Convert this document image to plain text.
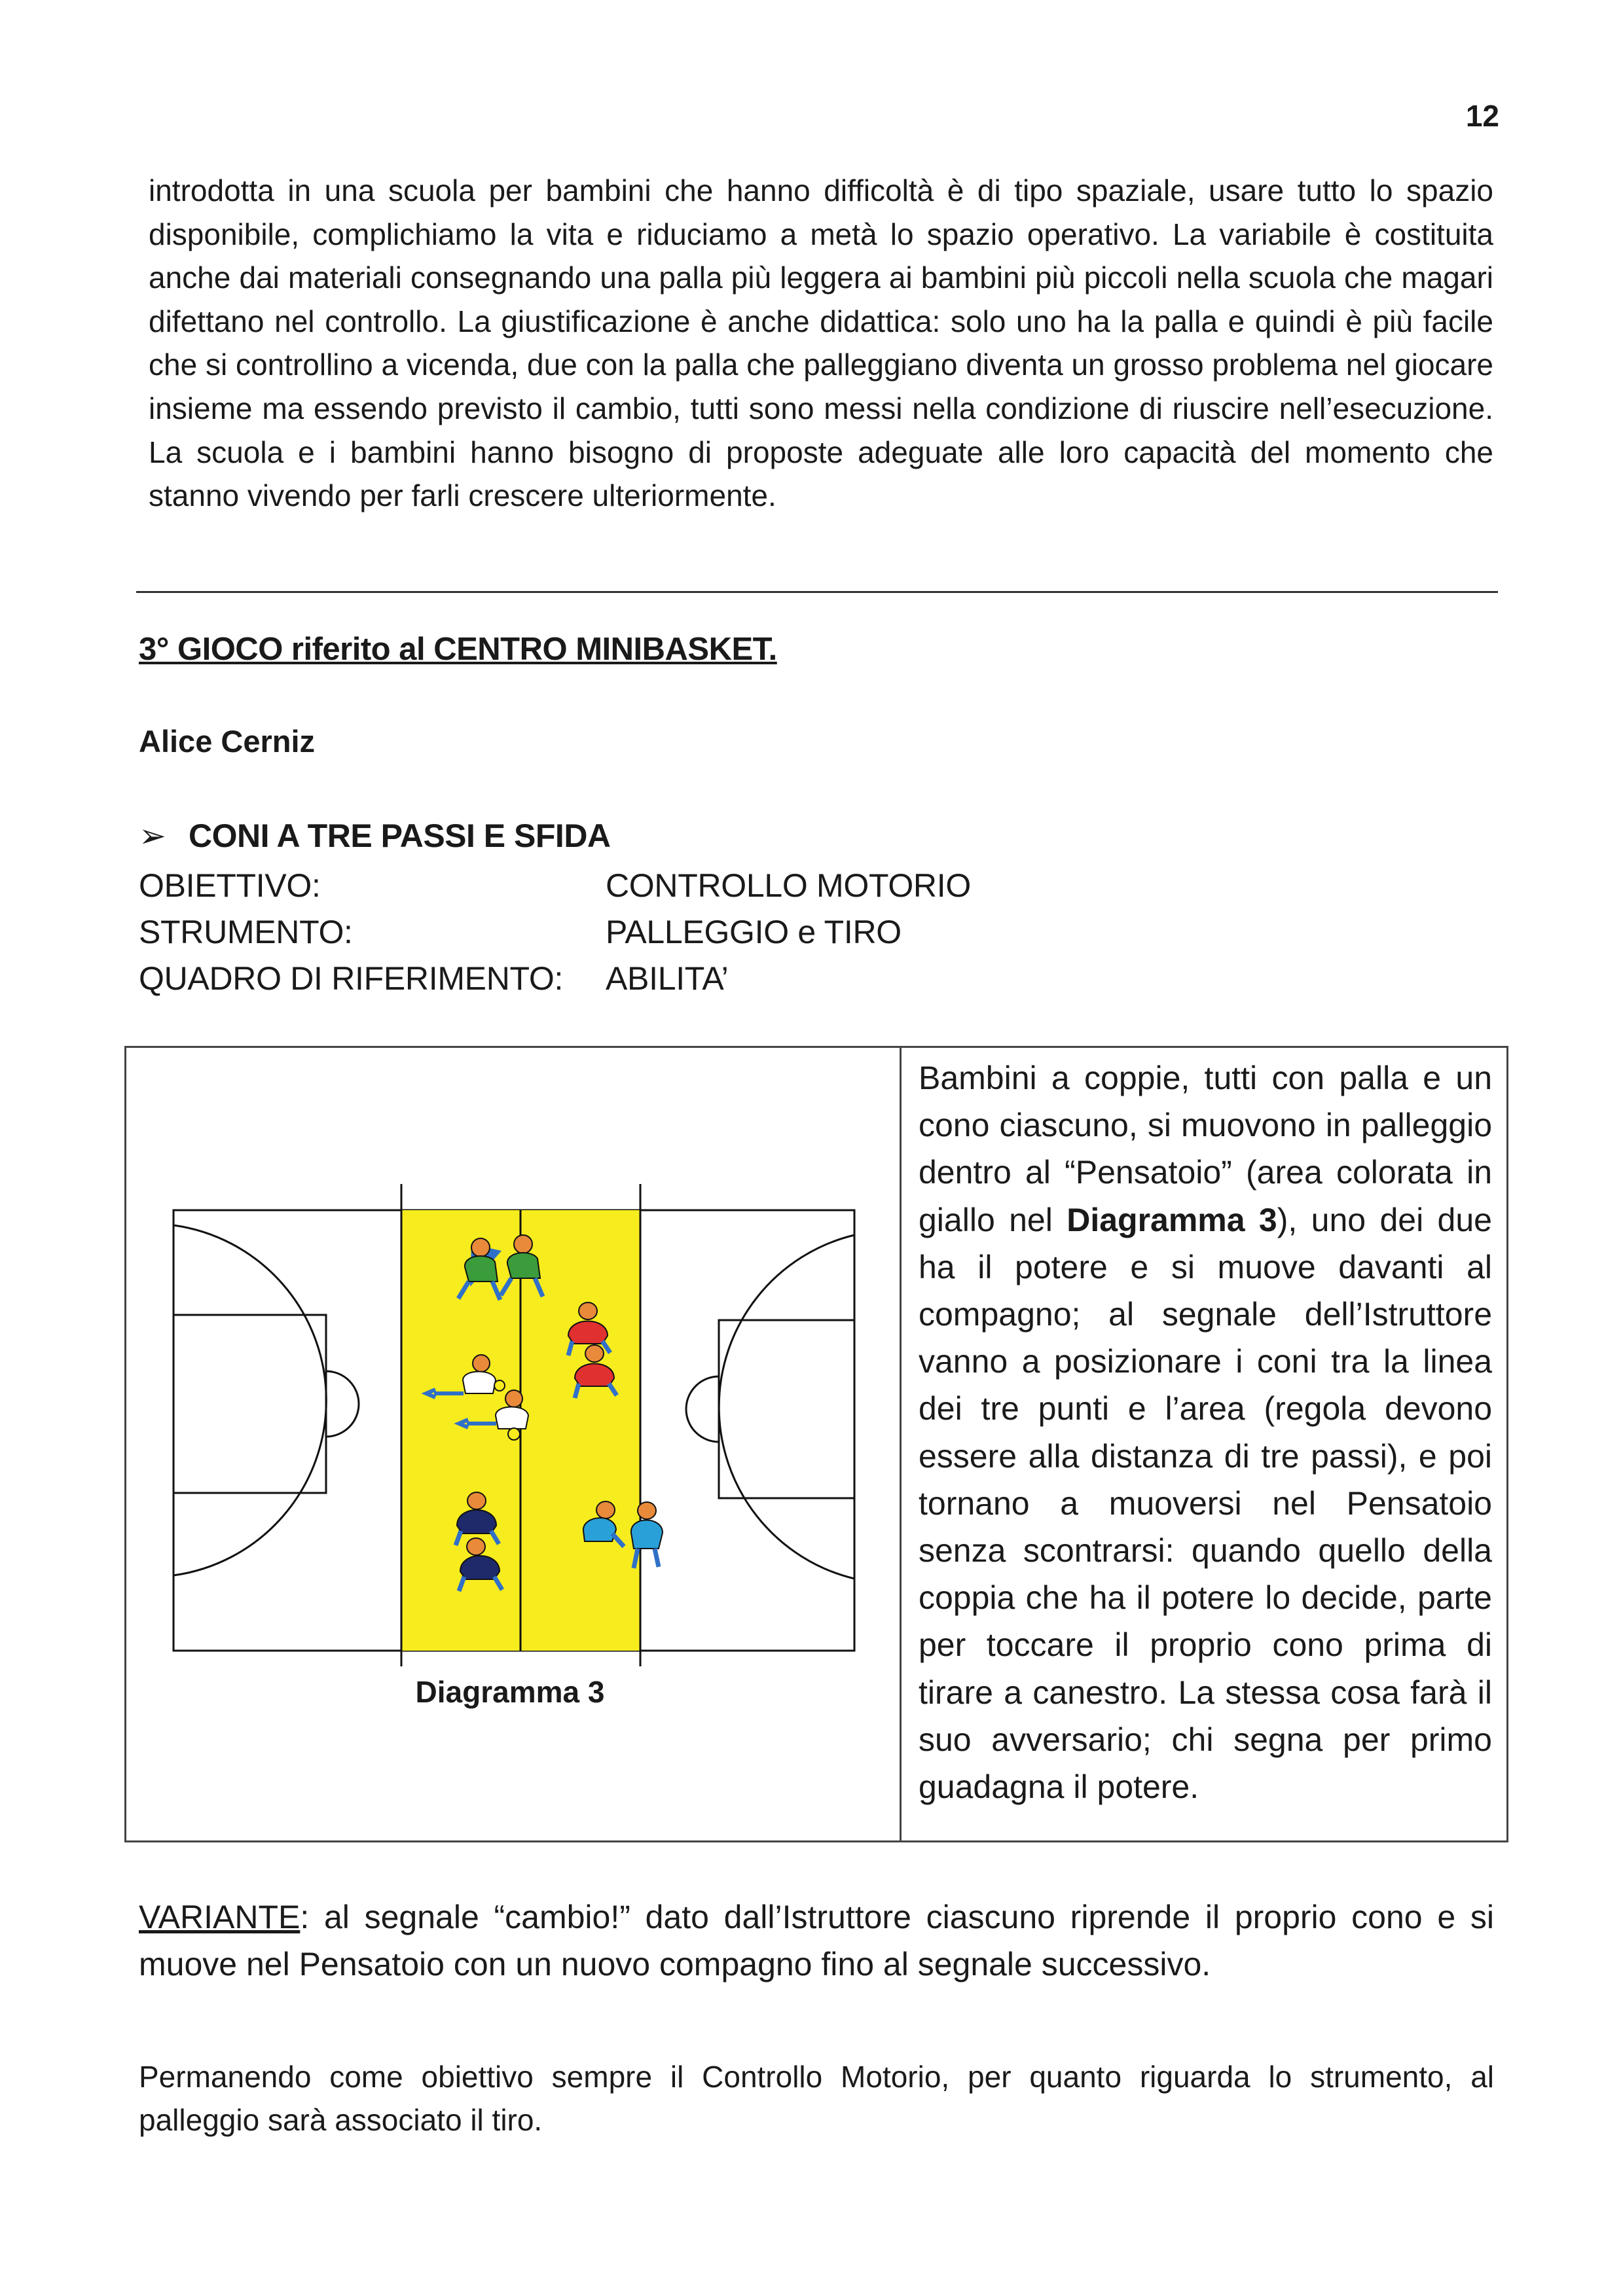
12

introdotta in una scuola per bambini che hanno difficoltà è di tipo spaziale, usare tutto lo spazio disponibile, complichiamo la vita e riduciamo a metà lo spazio operativo. La variabile è costituita anche dai materiali consegnando una palla più leggera ai bambini più piccoli nella scuola che magari difettano nel controllo. La giustificazione è anche didattica: solo uno ha la palla e quindi è più facile che si controllino a vicenda, due con la palla che palleggiano diventa un grosso problema nel giocare insieme ma essendo previsto il cambio, tutti sono messi nella condizione di riuscire nell’esecuzione. La scuola e i bambini hanno bisogno di proposte adeguate alle loro capacità del momento che stanno vivendo per farli crescere ulteriormente.

3° GIOCO riferito al CENTRO MINIBASKET.
Alice Cerniz
➢ CONI A TRE PASSI E SFIDA
OBIETTIVO:	CONTROLLO MOTORIO
STRUMENTO:	PALLEGGIO e TIRO
QUADRO DI RIFERIMENTO: ABILITA’
Diagramma 3

Bambini a coppie, tutti con palla e un cono ciascuno, si muovono in palleggio dentro al “Pensatoio” (area colorata in giallo nel Diagramma 3), uno dei due ha il potere e si muove davanti al compagno; al segnale dell’Istruttore vanno a posizionare i coni tra la linea dei tre punti e l’area (regola devono essere alla distanza di tre passi), e poi tornano a muoversi nel Pensatoio senza scontrarsi: quando quello della coppia che ha il potere lo decide, parte per toccare il proprio cono prima di tirare a canestro. La stessa cosa farà il suo avversario; chi segna per primo guadagna il potere.

VARIANTE: al segnale “cambio!” dato dall’Istruttore ciascuno riprende il proprio cono e si muove nel Pensatoio con un nuovo compagno fino al segnale successivo.

Permanendo come obiettivo sempre il Controllo Motorio, per quanto riguarda lo strumento, al palleggio sarà associato il tiro.
